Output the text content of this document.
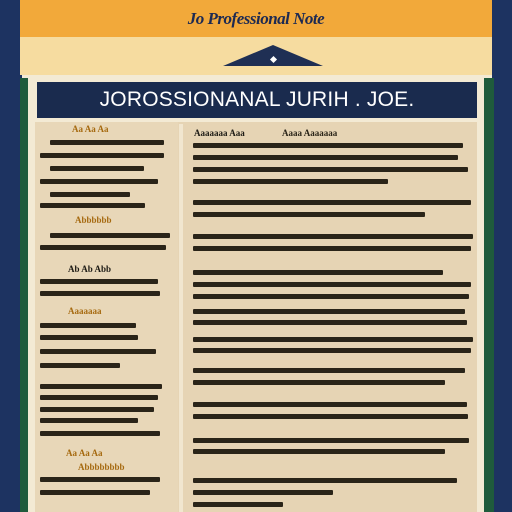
Jo Professional Note
JOROSSIONANAL JURIH . JOE.
Aa Aa Aa
Abbbbbb
Ab Ab Abb
Aaaaaaa
Aa Aa Aa
Abbbbbbbb
Aaaaaaa Aaa	Aaaa Aaaaaaa
